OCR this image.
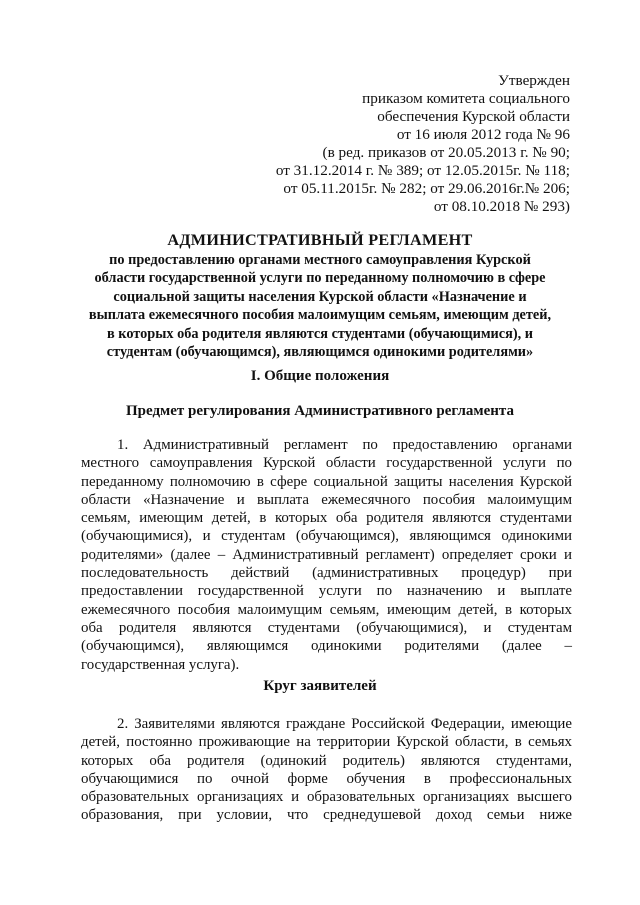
Утвержден
приказом комитета социального
обеспечения Курской области
от 16 июля 2012 года № 96
(в ред. приказов от 20.05.2013 г. № 90;
от 31.12.2014 г. № 389; от 12.05.2015г. № 118;
от 05.11.2015г. № 282; от 29.06.2016г.№ 206;
от 08.10.2018 № 293)
АДМИНИСТРАТИВНЫЙ РЕГЛАМЕНТ
по предоставлению органами местного самоуправления Курской
области государственной услуги по переданному полномочию в сфере
социальной защиты населения Курской области «Назначение и
выплата ежемесячного пособия малоимущим семьям, имеющим детей,
в которых оба родителя являются студентами (обучающимися), и
студентам (обучающимся), являющимся одинокими родителями»
I. Общие положения
Предмет регулирования Административного регламента
1. Административный регламент по предоставлению органами
местного самоуправления Курской области государственной услуги по
переданному полномочию в сфере социальной защиты населения Курской
области «Назначение и выплата ежемесячного пособия малоимущим
семьям, имеющим детей, в которых оба родителя являются студентами
(обучающимися), и студентам (обучающимся), являющимся одинокими
родителями» (далее – Административный регламент) определяет сроки и
последовательность действий (административных процедур) при
предоставлении государственной услуги по назначению и выплате
ежемесячного пособия малоимущим семьям, имеющим детей, в которых
оба родителя являются студентами (обучающимися), и студентам
(обучающимся), являющимся одинокими родителями (далее –
государственная услуга).
Круг заявителей
2. Заявителями являются граждане Российской Федерации, имеющие
детей, постоянно проживающие на территории Курской области, в семьях
которых оба родителя (одинокий родитель) являются студентами,
обучающимися по очной форме обучения в профессиональных
образовательных организациях и образовательных организациях высшего
образования, при условии, что среднедушевой доход семьи ниже
